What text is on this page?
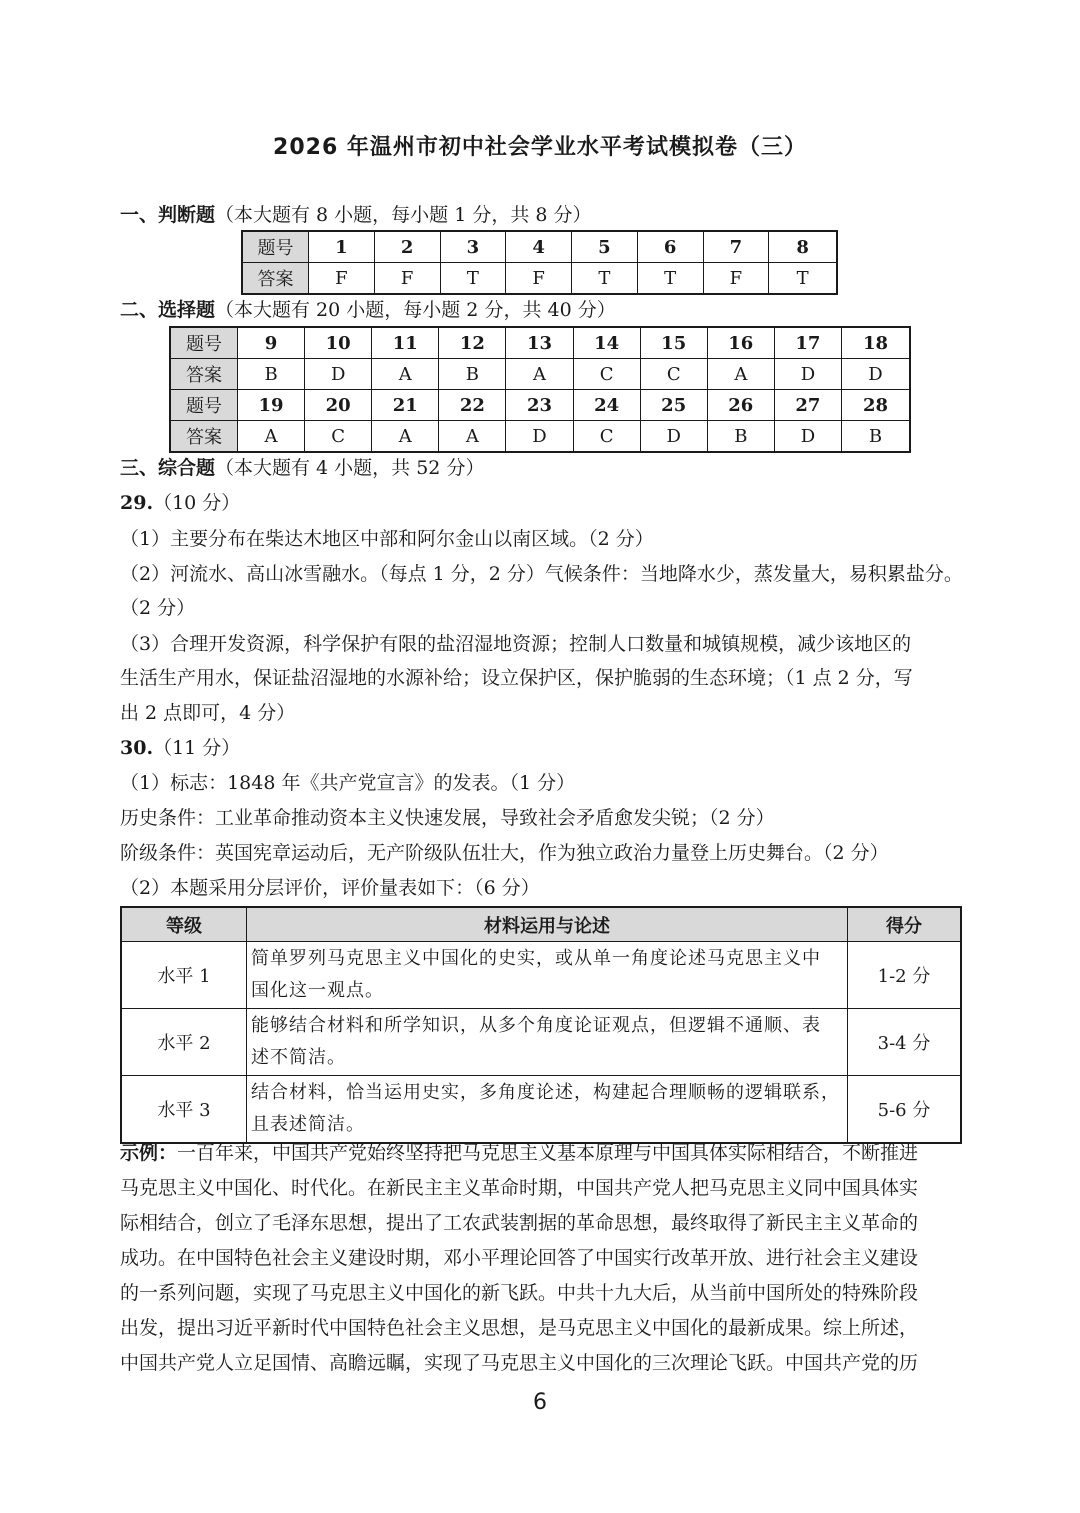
2026 年温州市初中社会学业水平考试模拟卷（三）
一、判断题（本大题有 8 小题，每小题 1 分，共 8 分）
题号	1	2	3	4	5	6	7	8
答案	F	F	T	F	T	T	F	T
二、选择题（本大题有 20 小题，每小题 2 分，共 40 分）
题号	9	10	11	12	13	14	15	16	17	18
答案	B	D	A	B	A	C	C	A	D	D
题号	19	20	21	22	23	24	25	26	27	28
答案	A	C	A	A	D	C	D	B	D	B
三、综合题（本大题有 4 小题，共 52 分）
29.（10 分）
（1）主要分布在柴达木地区中部和阿尔金山以南区域。（2 分）
（2）河流水、高山冰雪融水。（每点 1 分，2 分）气候条件：当地降水少，蒸发量大，易积累盐分。
（2 分）
（3）合理开发资源，科学保护有限的盐沼湿地资源；控制人口数量和城镇规模，减少该地区的
生活生产用水，保证盐沼湿地的水源补给；设立保护区，保护脆弱的生态环境；（1 点 2 分，写
出 2 点即可，4 分）
30.（11 分）
（1）标志：1848 年《共产党宣言》的发表。（1 分）
历史条件：工业革命推动资本主义快速发展，导致社会矛盾愈发尖锐；（2 分）
阶级条件：英国宪章运动后，无产阶级队伍壮大，作为独立政治力量登上历史舞台。（2 分）
（2）本题采用分层评价，评价量表如下：（6 分）
等级	材料运用与论述	得分
水平 1	简单罗列马克思主义中国化的史实，或从单一角度论述马克思主义中
国化这一观点。	1-2 分
水平 2	能够结合材料和所学知识，从多个角度论证观点，但逻辑不通顺、表
述不简洁。	3-4 分
水平 3	结合材料，恰当运用史实，多角度论述，构建起合理顺畅的逻辑联系，
且表述简洁。	5-6 分
示例：一百年来，中国共产党始终坚持把马克思主义基本原理与中国具体实际相结合，不断推进
马克思主义中国化、时代化。在新民主主义革命时期，中国共产党人把马克思主义同中国具体实
际相结合，创立了毛泽东思想，提出了工农武装割据的革命思想，最终取得了新民主主义革命的
成功。在中国特色社会主义建设时期，邓小平理论回答了中国实行改革开放、进行社会主义建设
的一系列问题，实现了马克思主义中国化的新飞跃。中共十九大后，从当前中国所处的特殊阶段
出发，提出习近平新时代中国特色社会主义思想，是马克思主义中国化的最新成果。综上所述，
中国共产党人立足国情、高瞻远瞩，实现了马克思主义中国化的三次理论飞跃。中国共产党的历
6
